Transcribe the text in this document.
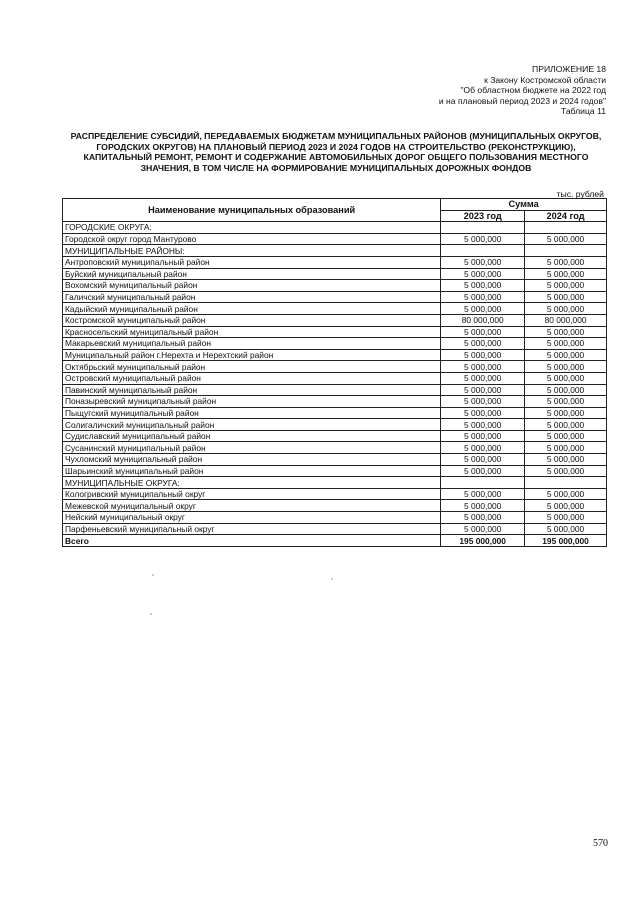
ПРИЛОЖЕНИЕ 18
к Закону Костромской области
"Об областном бюджете на 2022 год
и на плановый период 2023 и 2024 годов"
Таблица 11
РАСПРЕДЕЛЕНИЕ СУБСИДИЙ, ПЕРЕДАВАЕМЫХ БЮДЖЕТАМ МУНИЦИПАЛЬНЫХ РАЙОНОВ (МУНИЦИПАЛЬНЫХ ОКРУГОВ, ГОРОДСКИХ ОКРУГОВ) НА ПЛАНОВЫЙ ПЕРИОД 2023 И 2024 ГОДОВ НА СТРОИТЕЛЬСТВО (РЕКОНСТРУКЦИЮ), КАПИТАЛЬНЫЙ РЕМОНТ, РЕМОНТ И СОДЕРЖАНИЕ АВТОМОБИЛЬНЫХ ДОРОГ ОБЩЕГО ПОЛЬЗОВАНИЯ МЕСТНОГО ЗНАЧЕНИЯ, В ТОМ ЧИСЛЕ НА ФОРМИРОВАНИЕ МУНИЦИПАЛЬНЫХ ДОРОЖНЫХ ФОНДОВ
тыс. рублей
Наименование муниципальных образований	Сумма	
	2023 год	2024 год
ГОРОДСКИЕ ОКРУГА:		
Городской округ город Мантурово	5 000,000	5 000,000
МУНИЦИПАЛЬНЫЕ РАЙОНЫ:		
Антроповский муниципальный район	5 000,000	5 000,000
Буйский муниципальный район	5 000,000	5 000,000
Вохомский муниципальный район	5 000,000	5 000,000
Галичский муниципальный район	5 000,000	5 000,000
Кадыйский муниципальный район	5 000,000	5 000,000
Костромской муниципальный район	80 000,000	80 000,000
Красносельский муниципальный район	5 000,000	5 000,000
Макарьевский муниципальный район	5 000,000	5 000,000
Муниципальный район г.Нерехта и Нерехтский район	5 000,000	5 000,000
Октябрьский муниципальный район	5 000,000	5 000,000
Островский муниципальный район	5 000,000	5 000,000
Павинский муниципальный район	5 000,000	5 000,000
Поназыревский муниципальный район	5 000,000	5 000,000
Пыщугский муниципальный район	5 000,000	5 000,000
Солигаличский муниципальный район	5 000,000	5 000,000
Судиславский муниципальный район	5 000,000	5 000,000
Сусанинский муниципальный район	5 000,000	5 000,000
Чухломский муниципальный район	5 000,000	5 000,000
Шарьинский муниципальный район	5 000,000	5 000,000
МУНИЦИПАЛЬНЫЕ ОКРУГА:		
Кологривский муниципальный округ	5 000,000	5 000,000
Межевской муниципальный округ	5 000,000	5 000,000
Нейский муниципальный округ	5 000,000	5 000,000
Парфеньевский муниципальный округ	5 000,000	5 000,000
Всего	195 000,000	195 000,000
570
